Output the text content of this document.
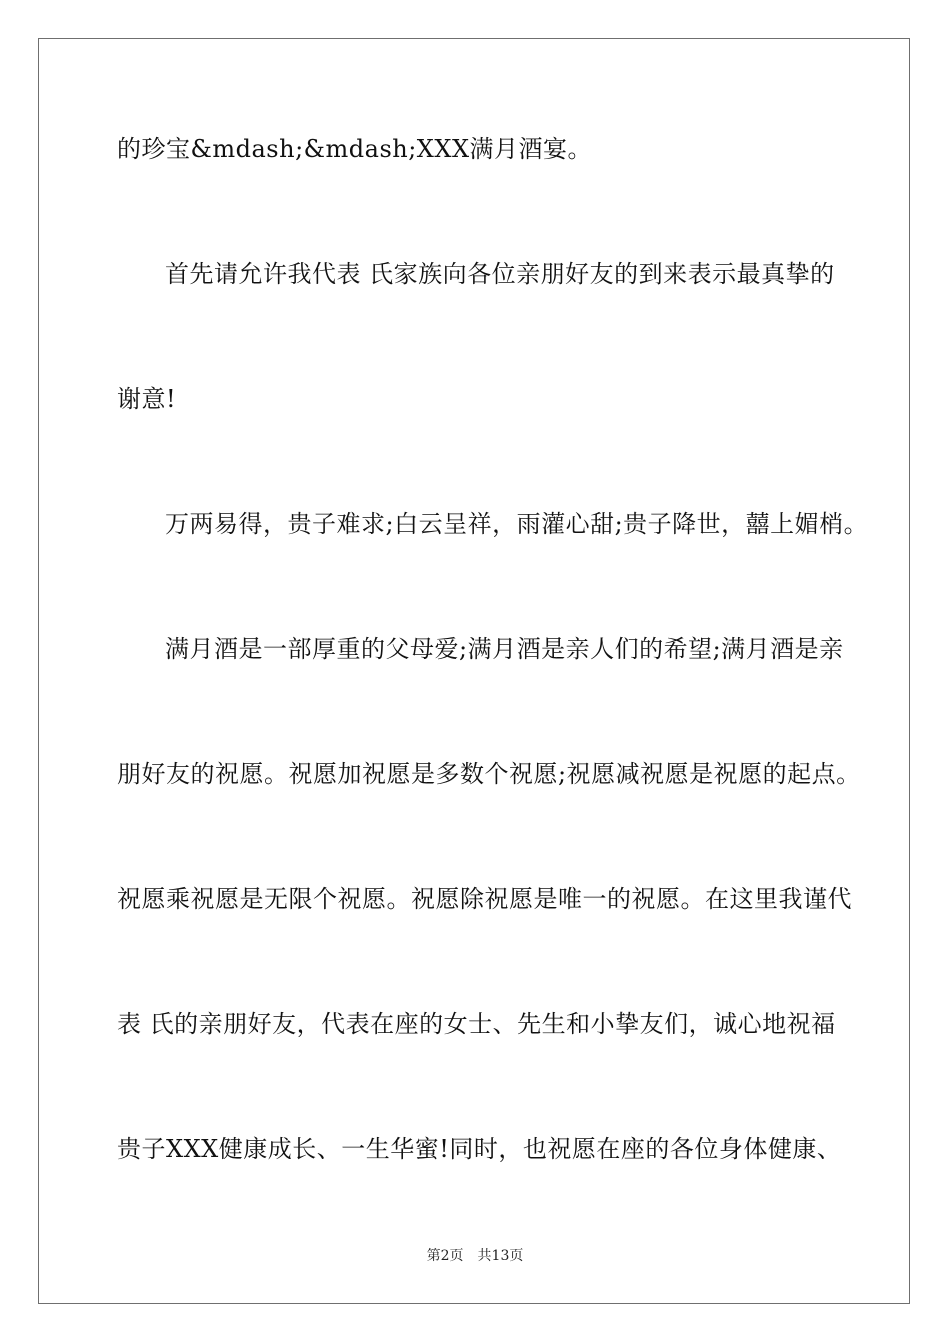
的珍宝&mdash;&mdash;XXX满月酒宴。
首先请允许我代表 氏家族向各位亲朋好友的到来表示最真挚的
谢意!
万两易得，贵子难求;白云呈祥，雨灌心甜;贵子降世，囍上媚梢。
满月酒是一部厚重的父母爱;满月酒是亲人们的希望;满月酒是亲
朋好友的祝愿。祝愿加祝愿是多数个祝愿;祝愿减祝愿是祝愿的起点。
祝愿乘祝愿是无限个祝愿。祝愿除祝愿是唯一的祝愿。在这里我谨代
表 氏的亲朋好友，代表在座的女士、先生和小挚友们，诚心地祝福
贵子XXX健康成长、一生华蜜!同时，也祝愿在座的各位身体健康、
第2页　共13页
